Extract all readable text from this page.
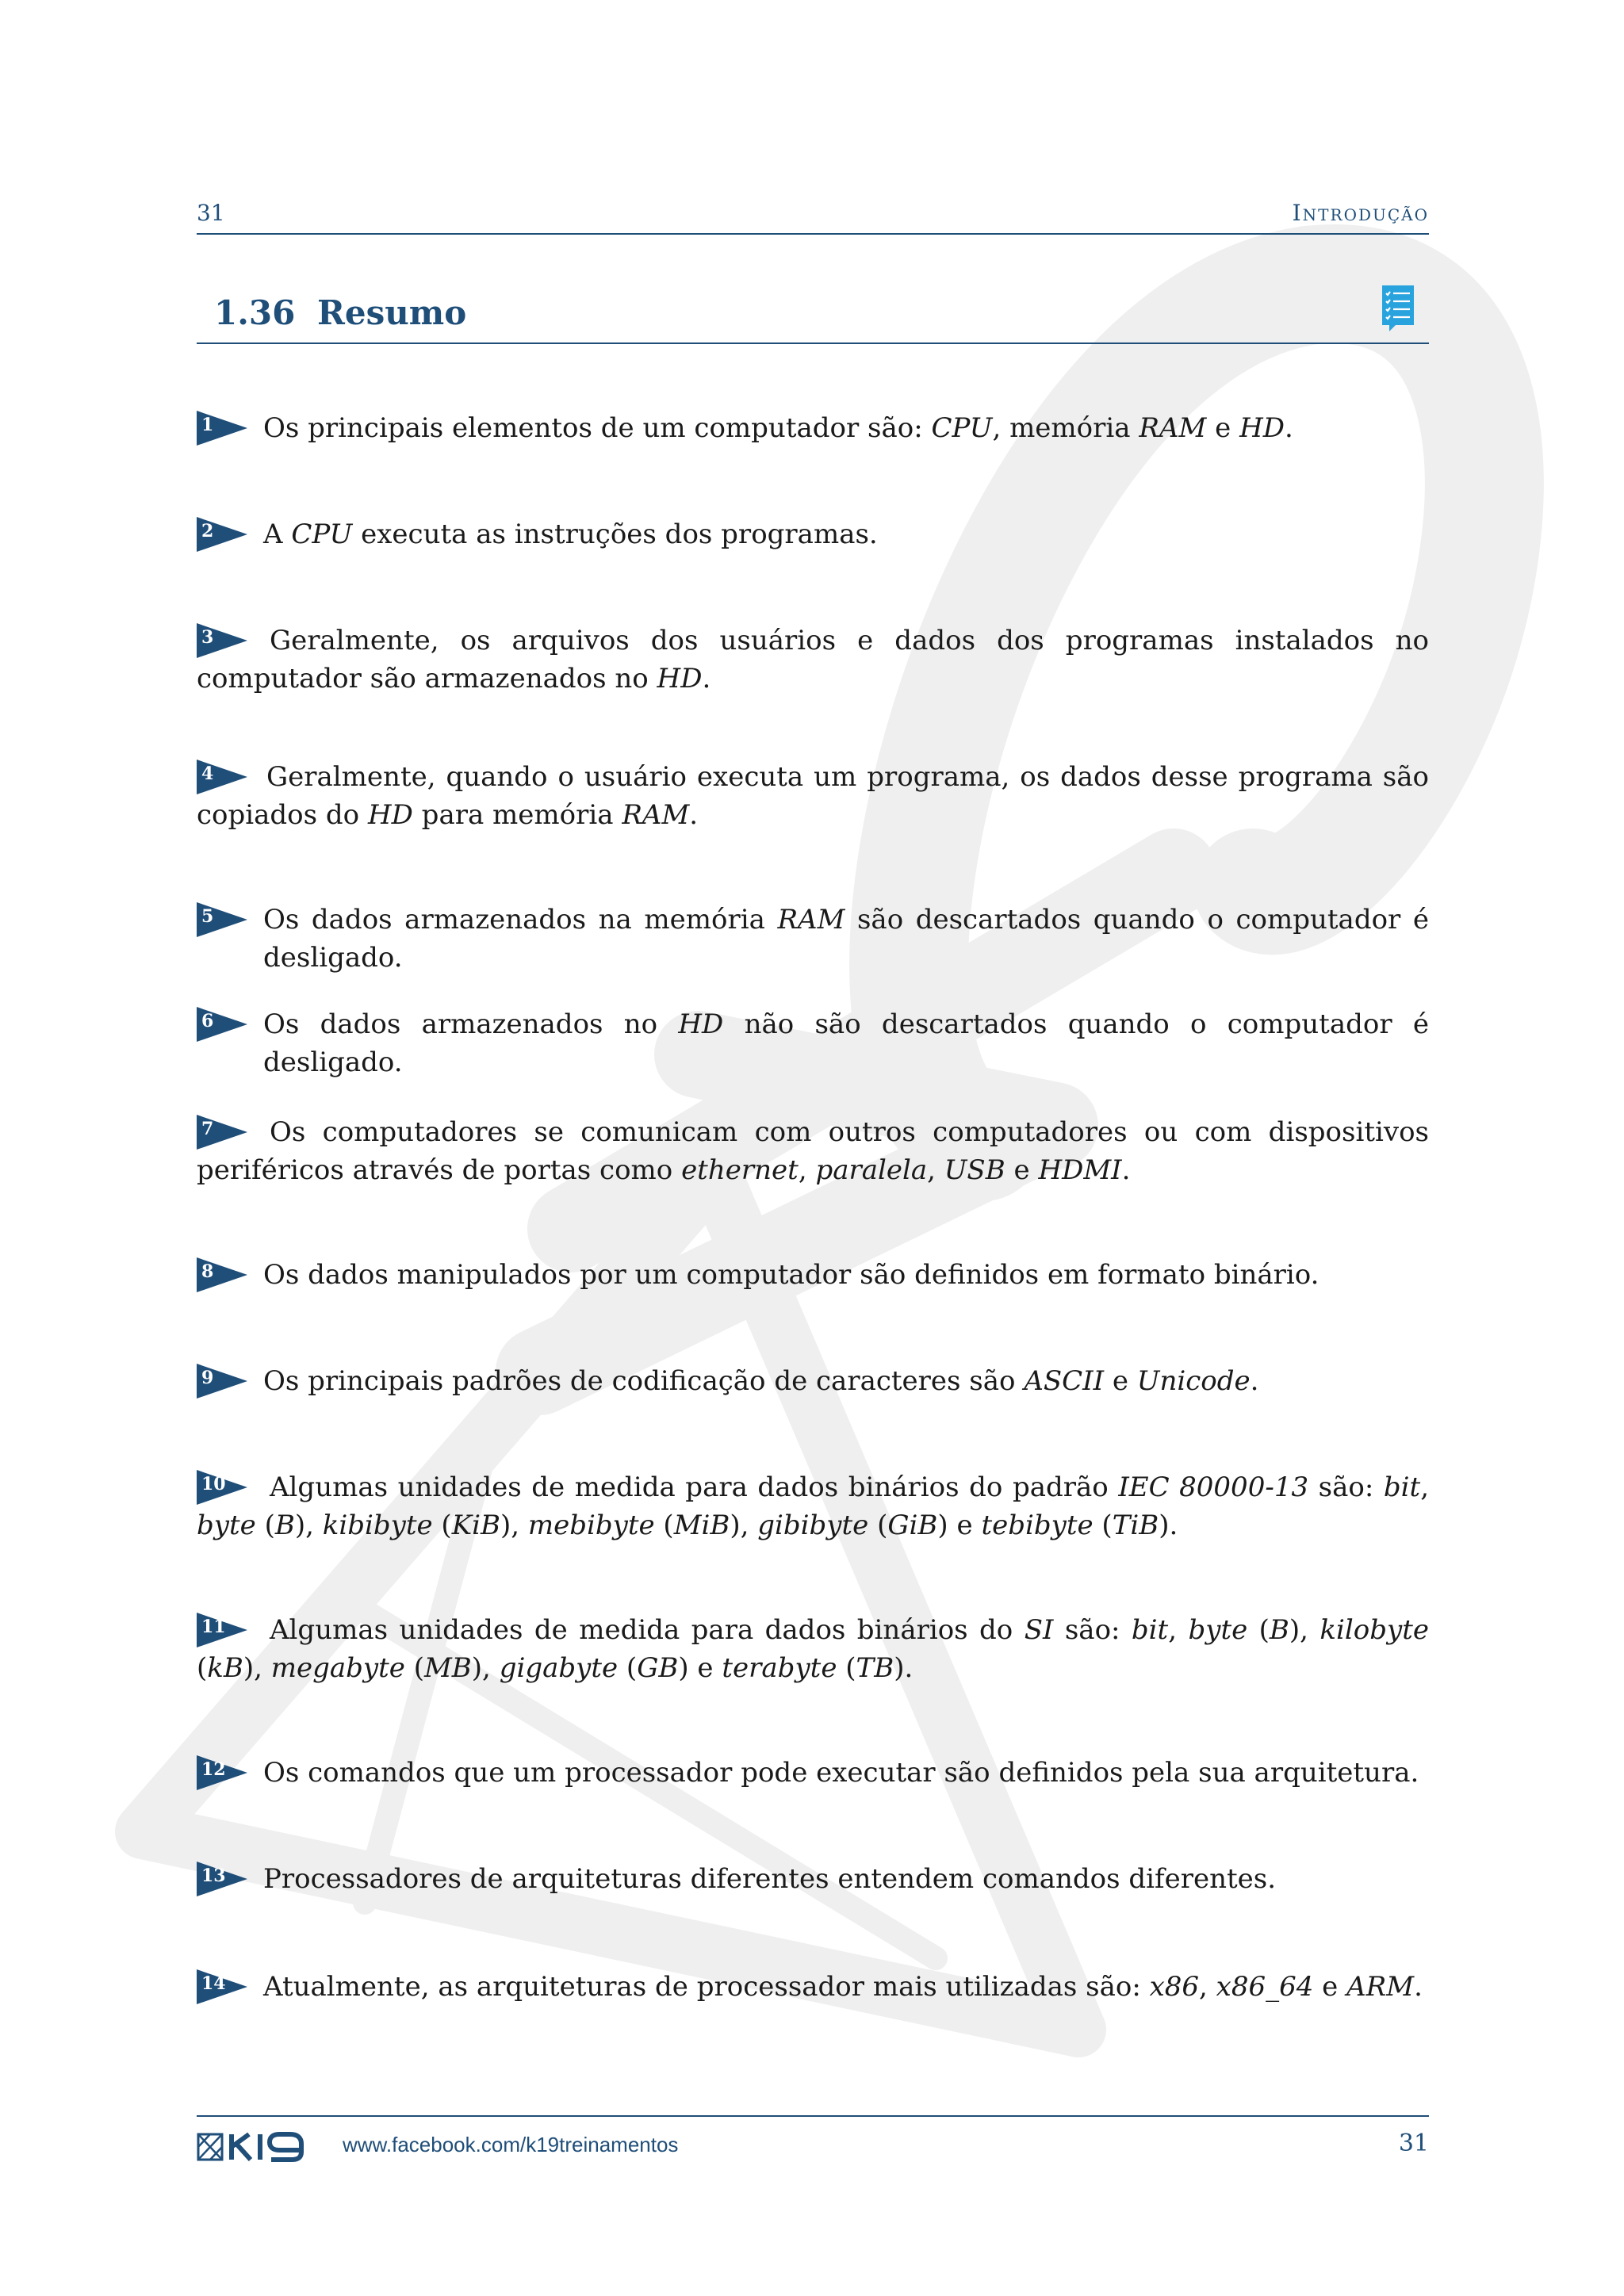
31	Introdução
1.36 Resumo
1	Os principais elementos de um computador são: CPU, memória RAM e HD.

2	A CPU executa as instruções dos programas.

3	Geralmente, os arquivos dos usuários e dados dos programas instalados no computador são armazenados no HD.

4	Geralmente, quando o usuário executa um programa, os dados desse programa são copiados do HD para memória RAM.

5	Os dados armazenados na memória RAM são descartados quando o computador é desligado.

6	Os dados armazenados no HD não são descartados quando o computador é desligado.

7	Os computadores se comunicam com outros computadores ou com dispositivos periféricos através de portas como ethernet, paralela, USB e HDMI.

8	Os dados manipulados por um computador são definidos em formato binário.

9	Os principais padrões de codificação de caracteres são ASCII e Unicode.

10	Algumas unidades de medida para dados binários do padrão IEC 80000-13 são: bit, byte (B), kibibyte (KiB), mebibyte (MiB), gibibyte (GiB) e tebibyte (TiB).

11	Algumas unidades de medida para dados binários do SI são: bit, byte (B), kilobyte (kB), megabyte (MB), gigabyte (GB) e terabyte (TB).

12	Os comandos que um processador pode executar são definidos pela sua arquitetura.

13	Processadores de arquiteturas diferentes entendem comandos diferentes.

14	Atualmente, as arquiteturas de processador mais utilizadas são: x86, x86_64 e ARM.

www.facebook.com/k19treinamentos	31
